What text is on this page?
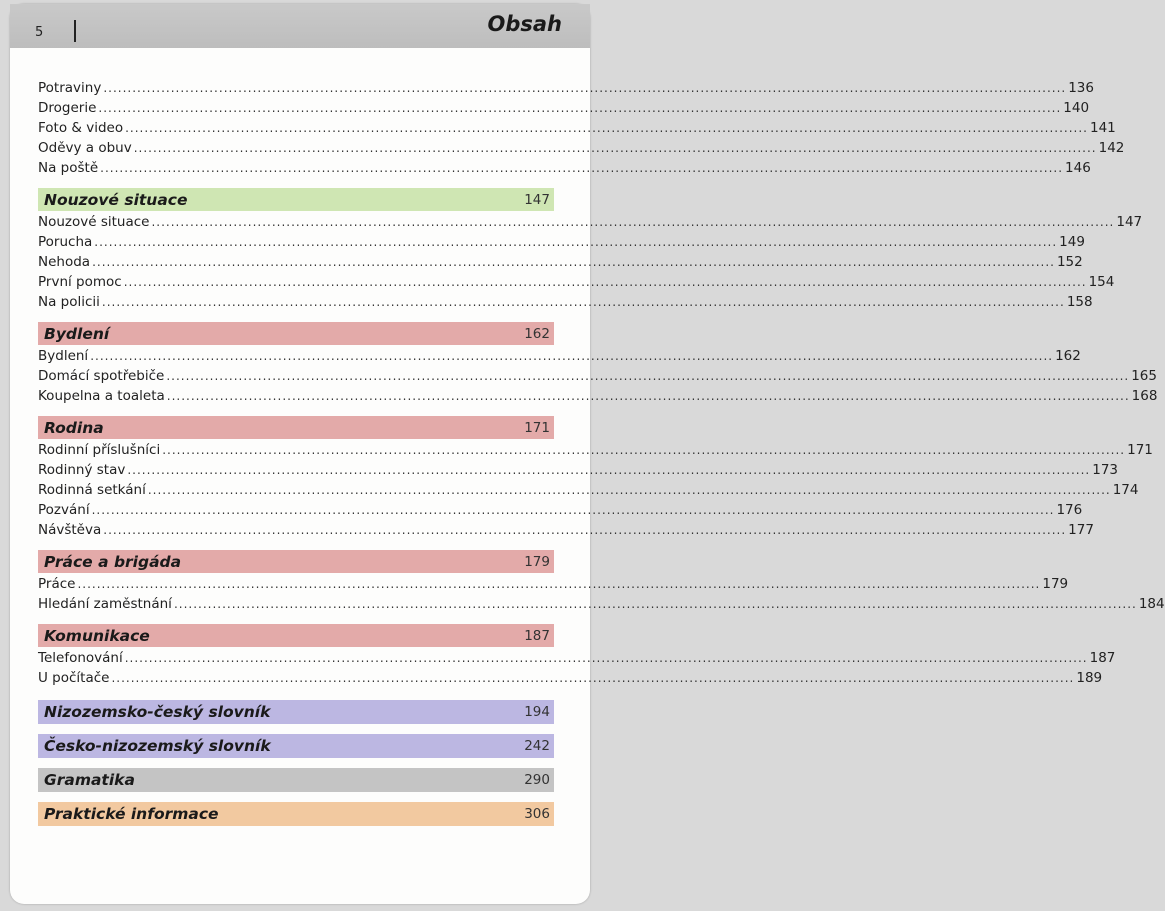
5	Obsah
Potraviny ........................................................................................................................................................................................................ 136
Drogerie ........................................................................................................................................................................................................ 140
Foto & video ........................................................................................................................................................................................................ 141
Oděvy a obuv ........................................................................................................................................................................................................ 142
Na poště ........................................................................................................................................................................................................ 146
Nouzové situace	147
Nouzové situace ........................................................................................................................................................................................................ 147
Porucha ........................................................................................................................................................................................................ 149
Nehoda ........................................................................................................................................................................................................ 152
První pomoc ........................................................................................................................................................................................................ 154
Na policii ........................................................................................................................................................................................................ 158
Bydlení	162
Bydlení ........................................................................................................................................................................................................ 162
Domácí spotřebiče ........................................................................................................................................................................................................ 165
Koupelna a toaleta ........................................................................................................................................................................................................ 168
Rodina	171
Rodinní příslušníci ........................................................................................................................................................................................................ 171
Rodinný stav ........................................................................................................................................................................................................ 173
Rodinná setkání ........................................................................................................................................................................................................ 174
Pozvání ........................................................................................................................................................................................................ 176
Návštěva ........................................................................................................................................................................................................ 177
Práce a brigáda	179
Práce ........................................................................................................................................................................................................ 179
Hledání zaměstnání ........................................................................................................................................................................................................ 184
Komunikace	187
Telefonování ........................................................................................................................................................................................................ 187
U počítače ........................................................................................................................................................................................................ 189
Nizozemsko-český slovník	194
Česko-nizozemský slovník	242
Gramatika	290
Praktické informace	306
